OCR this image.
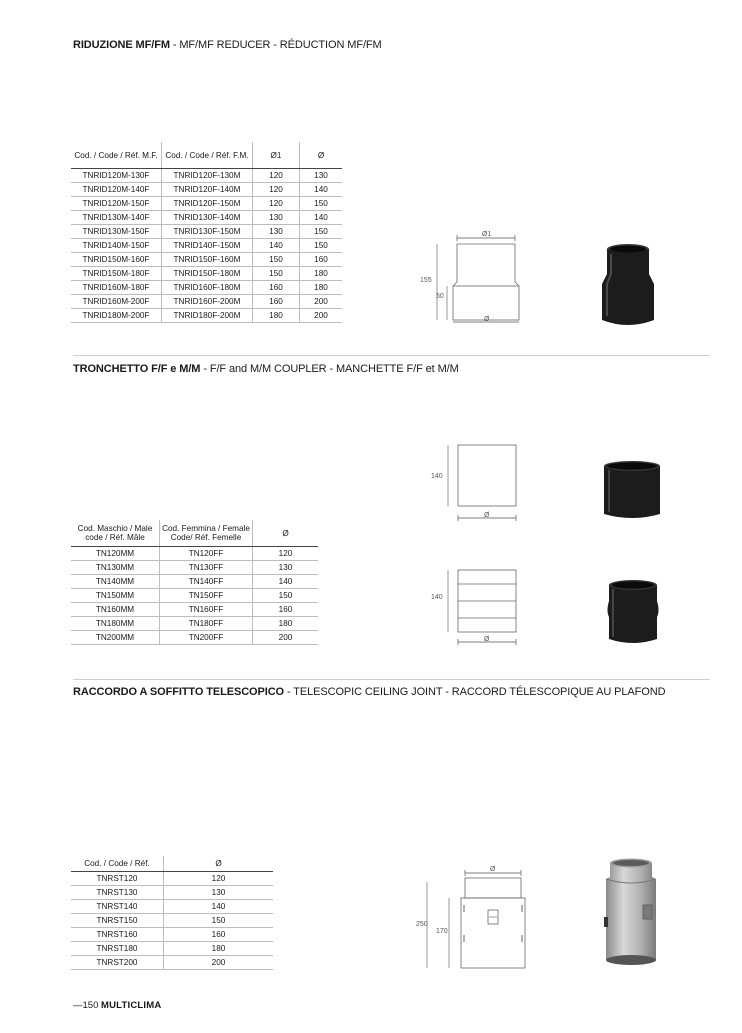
RIDUZIONE MF/FM - MF/MF REDUCER - RÉDUCTION MF/FM
Cod. / Code / Réf. M.F.	Cod. / Code / Réf. F.M.	Ø1	Ø
TNRID120M-130F	TNRID120F-130M	120	130
TNRID120M-140F	TNRID120F-140M	120	140
TNRID120M-150F	TNRID120F-150M	120	150
TNRID130M-140F	TNRID130F-140M	130	140
TNRID130M-150F	TNRID130F-150M	130	150
TNRID140M-150F	TNRID140F-150M	140	150
TNRID150M-160F	TNRID150F-160M	150	160
TNRID150M-180F	TNRID150F-180M	150	180
TNRID160M-180F	TNRID160F-180M	160	180
TNRID160M-200F	TNRID160F-200M	160	200
TNRID180M-200F	TNRID180F-200M	180	200
Ø1
155
50
Ø
TRONCHETTO F/F e M/M - F/F and M/M COUPLER - MANCHETTE F/F et M/M
140
Ø
Cod. Maschio / Male code / Réf. Mâle	Cod. Femmina / Female Code/ Réf. Femelle	Ø
TN120MM	TN120FF	120
TN130MM	TN130FF	130
TN140MM	TN140FF	140
TN150MM	TN150FF	150
TN160MM	TN160FF	160
TN180MM	TN180FF	180
TN200MM	TN200FF	200
140
Ø
RACCORDO A SOFFITTO TELESCOPICO - TELESCOPIC CEILING JOINT - RACCORD TÉLESCOPIQUE AU PLAFOND
Cod. / Code / Réf.	Ø
TNRST120	120
TNRST130	130
TNRST140	140
TNRST150	150
TNRST160	160
TNRST180	180
TNRST200	200
Ø
250
170
—150 MULTICLIMA
